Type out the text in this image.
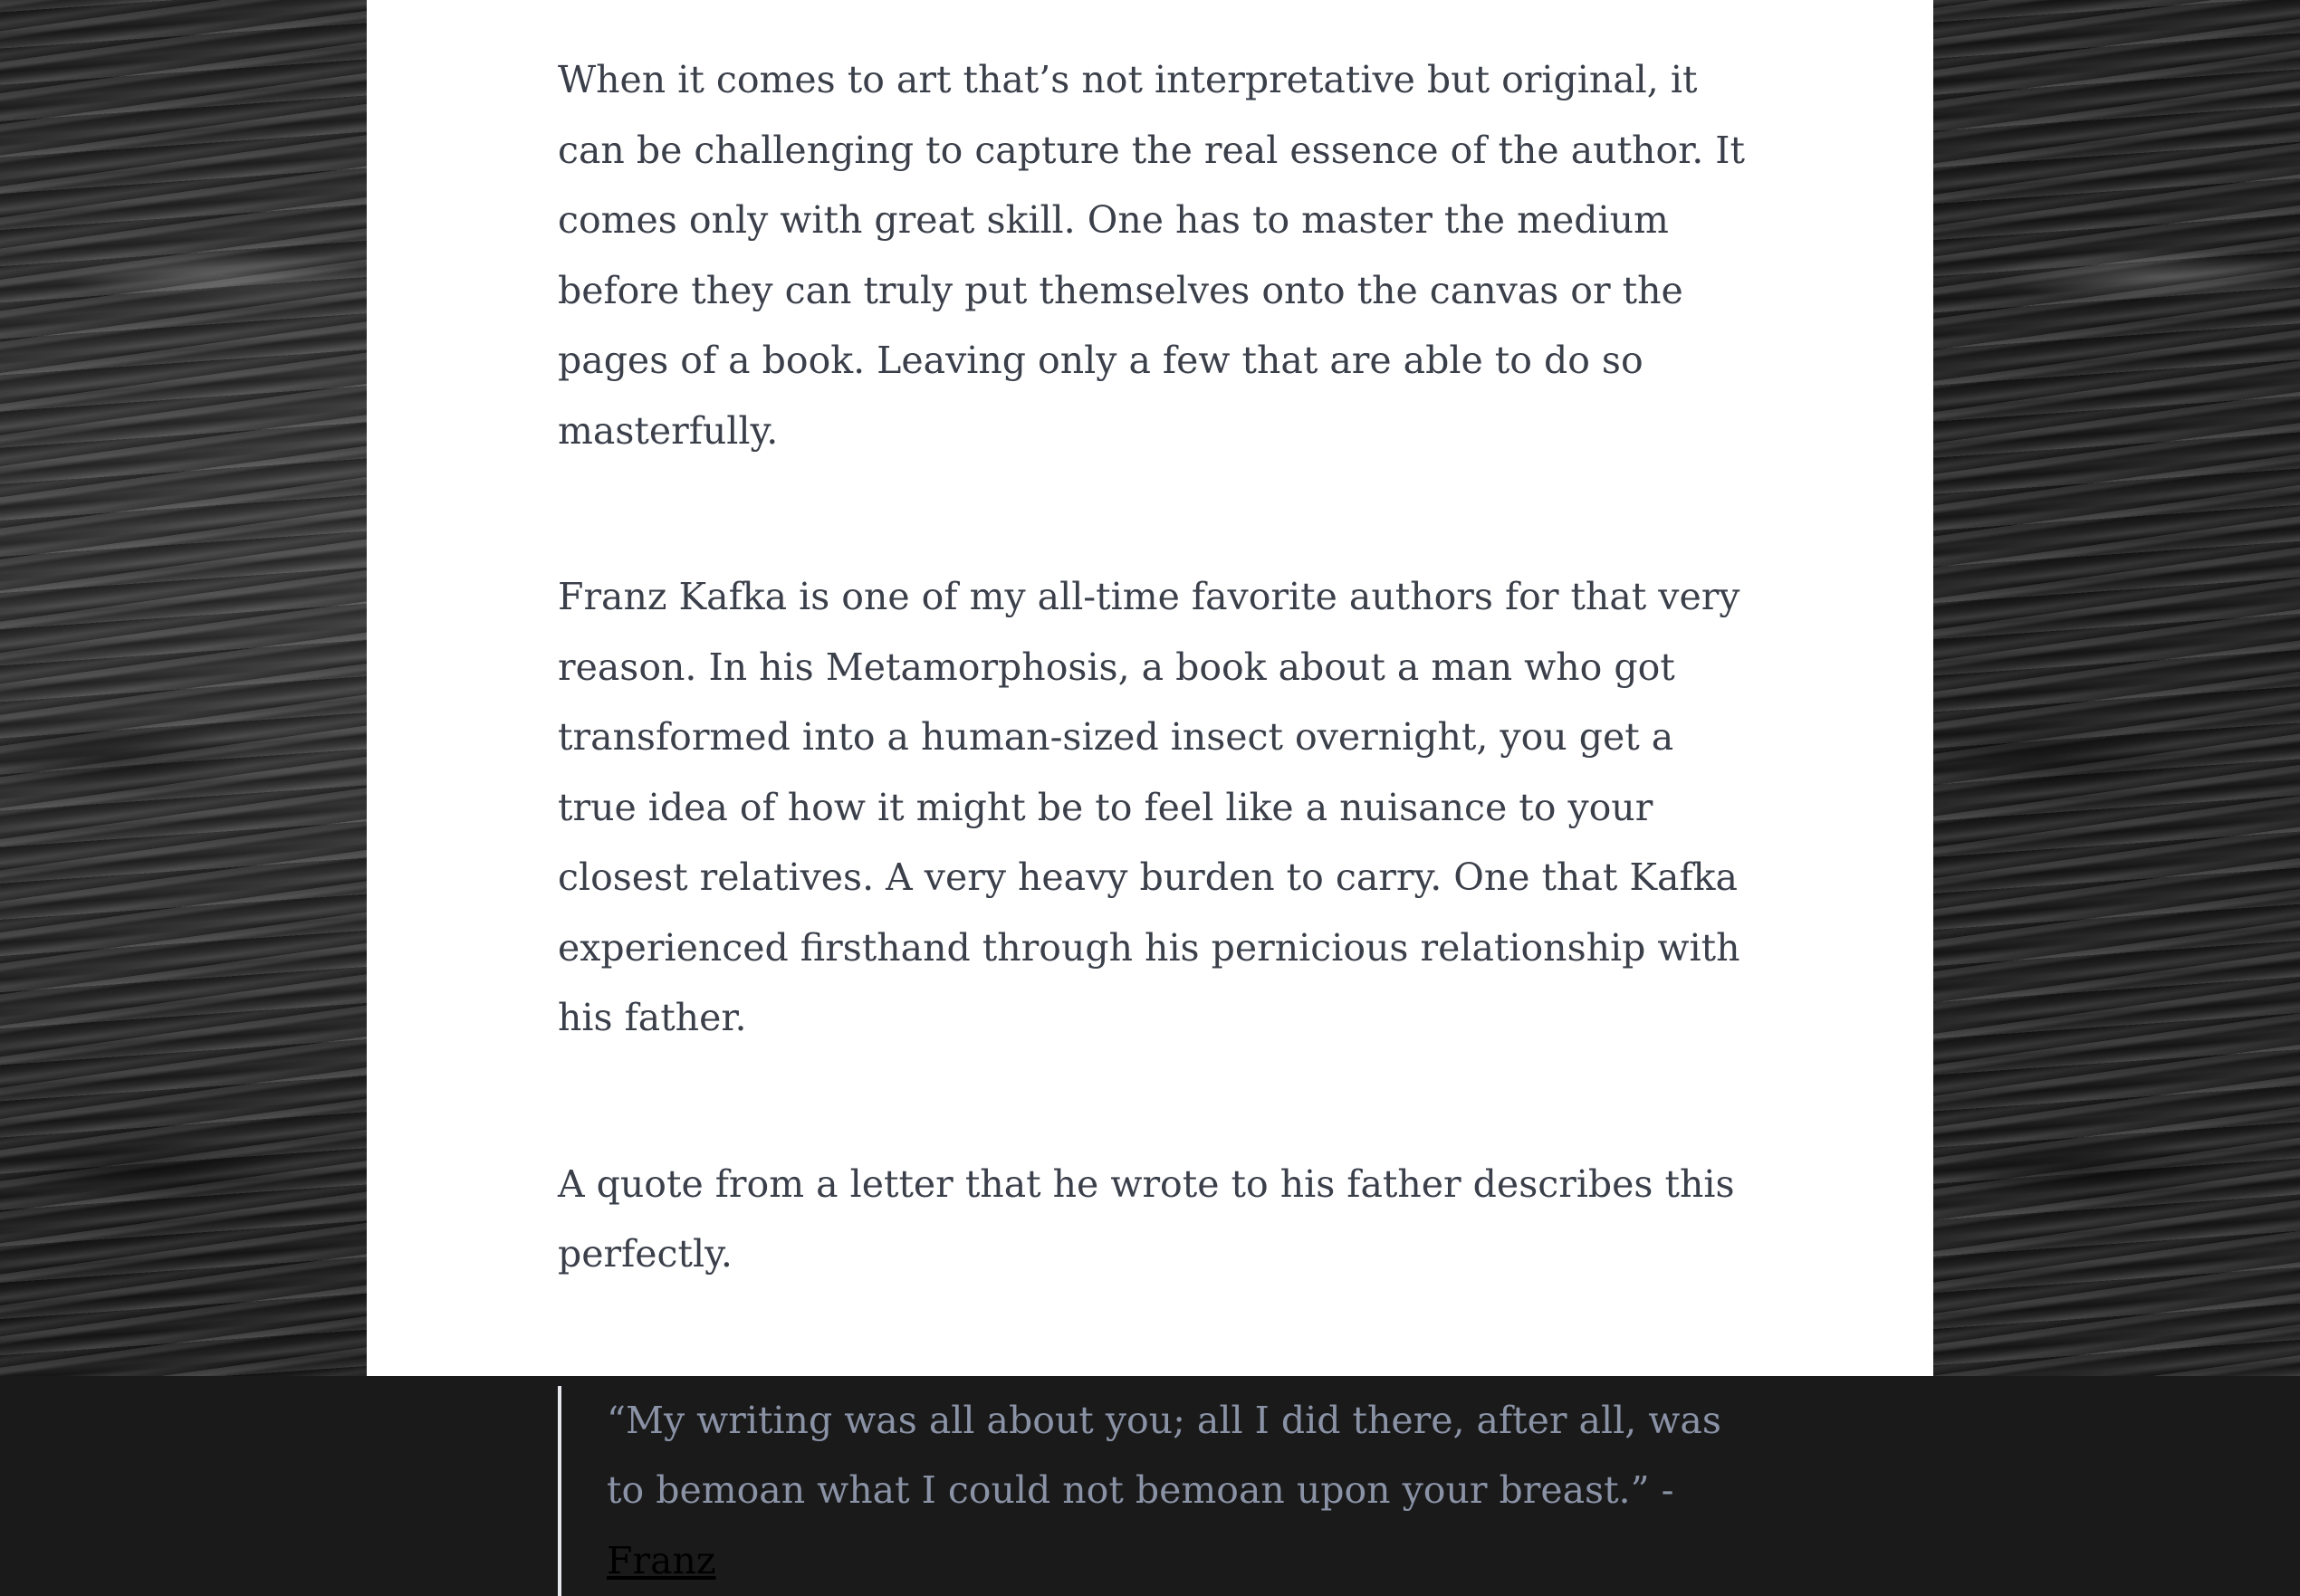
When it comes to art that’s not interpretative but original, it can be challenging to capture the real essence of the author. It comes only with great skill. One has to master the medium before they can truly put themselves onto the canvas or the pages of a book. Leaving only a few that are able to do so masterfully.

Franz Kafka is one of my all-time favorite authors for that very reason. In his Metamorphosis, a book about a man who got transformed into a human-sized insect overnight, you get a true idea of how it might be to feel like a nuisance to your closest relatives. A very heavy burden to carry. One that Kafka experienced firsthand through his pernicious relationship with his father.

A quote from a letter that he wrote to his father describes this perfectly.

“My writing was all about you; all I did there, after all, was to bemoan what I could not bemoan upon your breast.” - Franz
